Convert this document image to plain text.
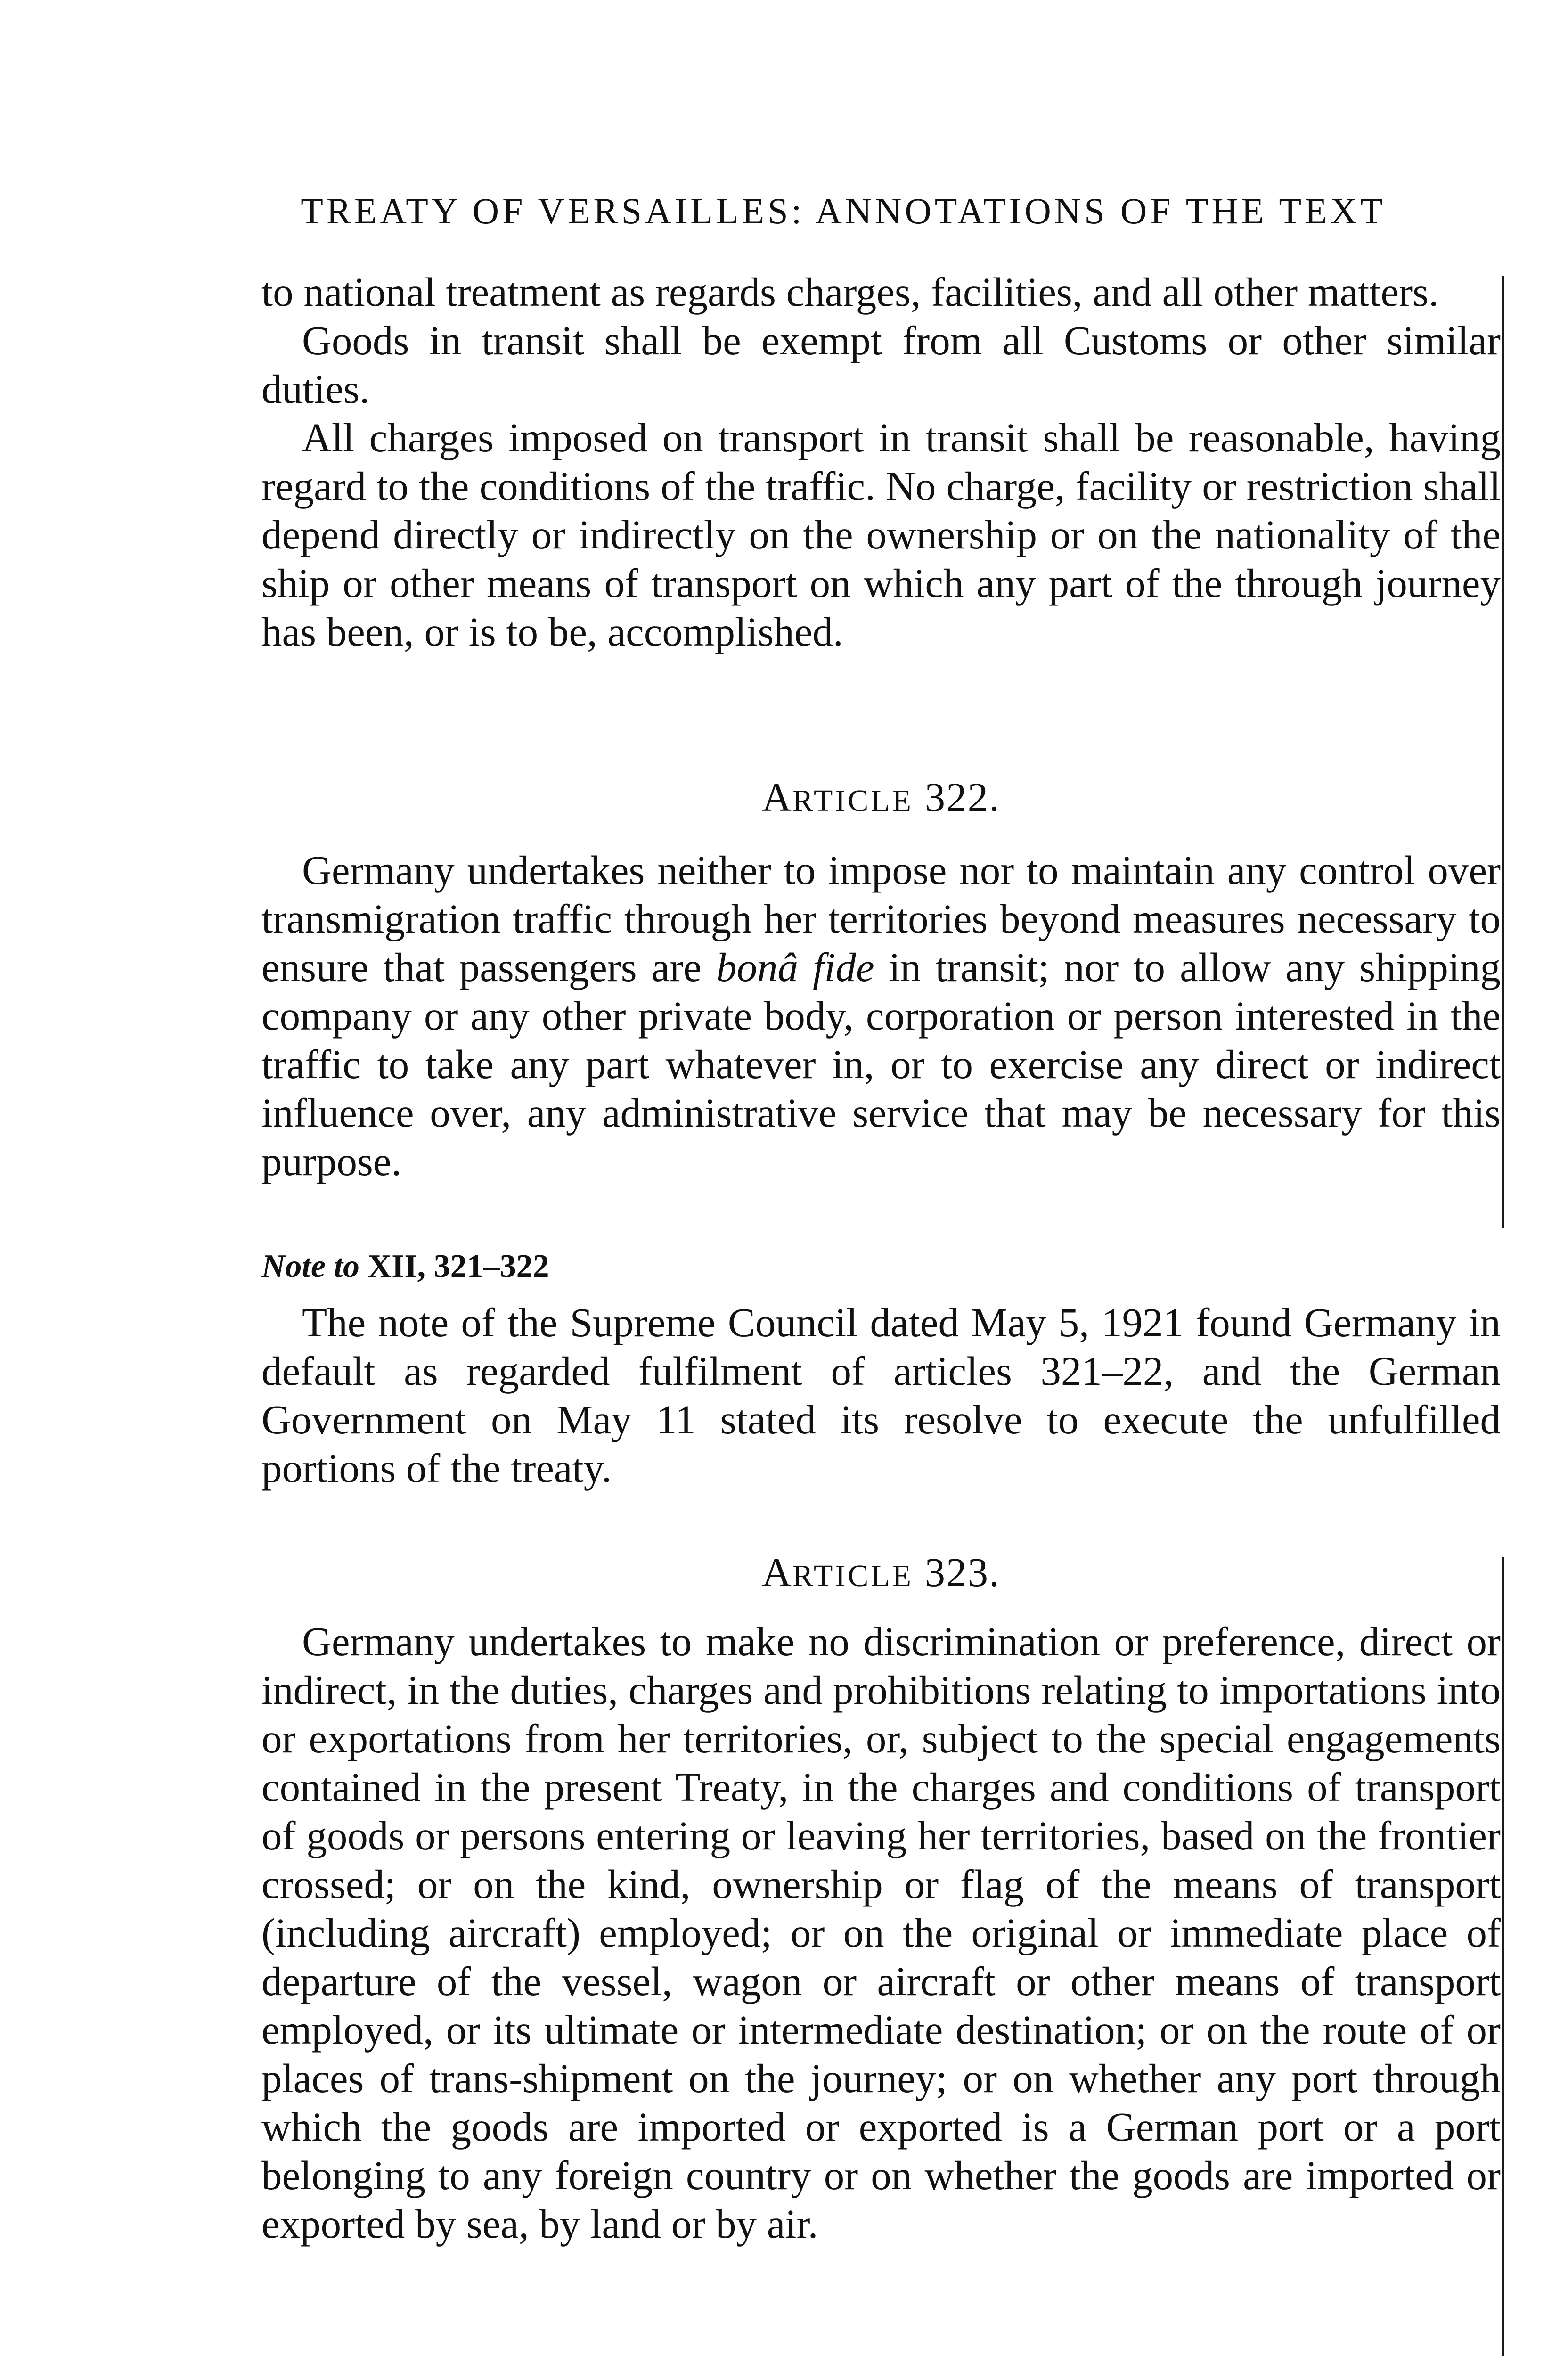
TREATY OF VERSAILLES: ANNOTATIONS OF THE TEXT

to national treatment as regards charges, facilities, and all other matters.

Goods in transit shall be exempt from all Customs or other similar duties.

All charges imposed on transport in transit shall be reasonable, having regard to the conditions of the traffic. No charge, facility or restriction shall depend directly or indirectly on the ownership or on the nationality of the ship or other means of transport on which any part of the through journey has been, or is to be, accomplished.

ARTICLE 322.

Germany undertakes neither to impose nor to maintain any control over transmigration traffic through her territories beyond measures necessary to ensure that passengers are bonâ fide in transit; nor to allow any shipping company or any other private body, corporation or person interested in the traffic to take any part whatever in, or to exercise any direct or indirect influence over, any administrative service that may be necessary for this purpose.

Note to XII, 321–322

The note of the Supreme Council dated May 5, 1921 found Germany in default as regarded fulfilment of articles 321–22, and the German Government on May 11 stated its resolve to execute the unfulfilled portions of the treaty.

ARTICLE 323.

Germany undertakes to make no discrimination or preference, direct or indirect, in the duties, charges and prohibitions relating to importations into or exportations from her territories, or, subject to the special engagements contained in the present Treaty, in the charges and conditions of transport of goods or persons entering or leaving her territories, based on the frontier crossed; or on the kind, ownership or flag of the means of transport (including aircraft) employed; or on the original or immediate place of departure of the vessel, wagon or aircraft or other means of transport employed, or its ultimate or intermediate destination; or on the route of or places of trans-shipment on the journey; or on whether any port through which the goods are imported or exported is a German port or a port belonging to any foreign country or on whether the goods are imported or exported by sea, by land or by air.
